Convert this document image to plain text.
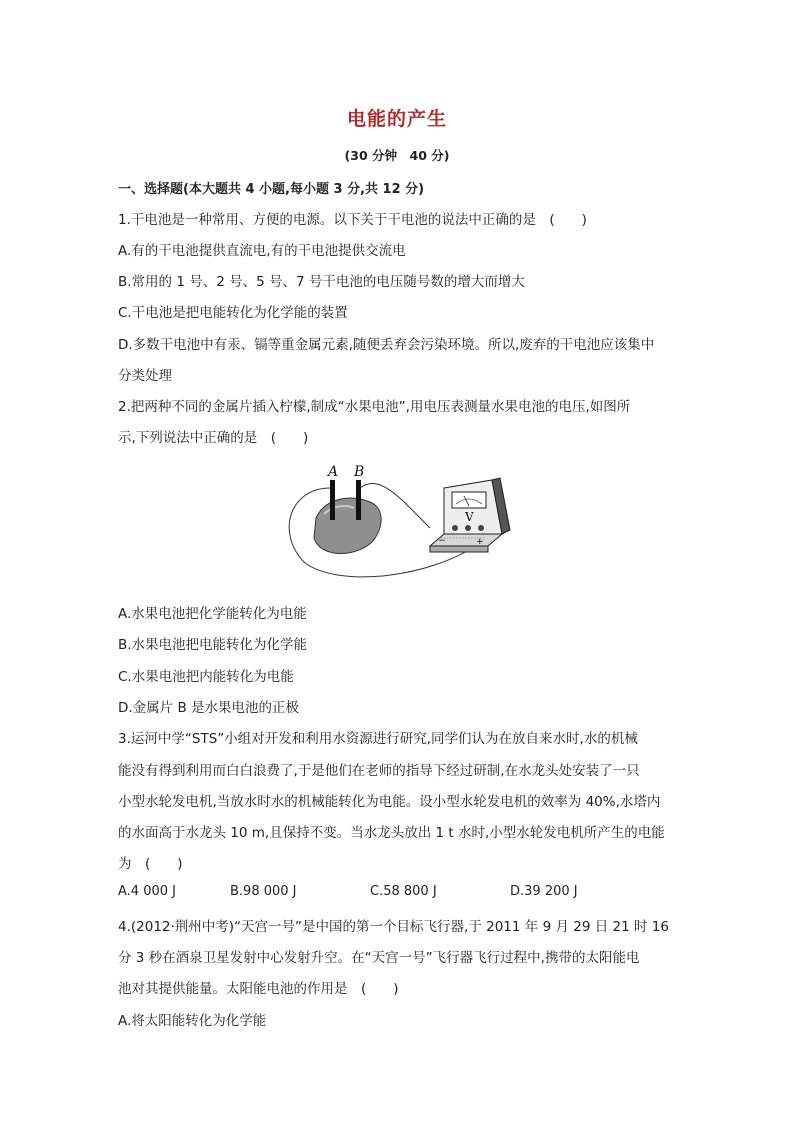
电能的产生
(30 分钟　40 分)
一、选择题(本大题共 4 小题,每小题 3 分,共 12 分)
1.干电池是一种常用、方便的电源。以下关于干电池的说法中正确的是　(　　)
A.有的干电池提供直流电,有的干电池提供交流电
B.常用的 1 号、2 号、5 号、7 号干电池的电压随号数的增大而增大
C.干电池是把电能转化为化学能的装置
D.多数干电池中有汞、镉等重金属元素,随便丢弃会污染环境。所以,废弃的干电池应该集中
分类处理
2.把两种不同的金属片插入柠檬,制成“水果电池”,用电压表测量水果电池的电压,如图所
示,下列说法中正确的是　(　　)
A B
V
−	+
A.水果电池把化学能转化为电能
B.水果电池把电能转化为化学能
C.水果电池把内能转化为电能
D.金属片 B 是水果电池的正极
3.运河中学“STS”小组对开发和利用水资源进行研究,同学们认为在放自来水时,水的机械
能没有得到利用而白白浪费了,于是他们在老师的指导下经过研制,在水龙头处安装了一只
小型水轮发电机,当放水时水的机械能转化为电能。设小型水轮发电机的效率为 40%,水塔内
的水面高于水龙头 10 m,且保持不变。当水龙头放出 1 t 水时,小型水轮发电机所产生的电能
为　(　　)
A.4 000 J	B.98 000 J	C.58 800 J	D.39 200 J
4.(2012·荆州中考)“天宫一号”是中国的第一个目标飞行器,于 2011 年 9 月 29 日 21 时 16
分 3 秒在酒泉卫星发射中心发射升空。在“天宫一号”飞行器飞行过程中,携带的太阳能电
池对其提供能量。太阳能电池的作用是　(　　)
A.将太阳能转化为化学能
